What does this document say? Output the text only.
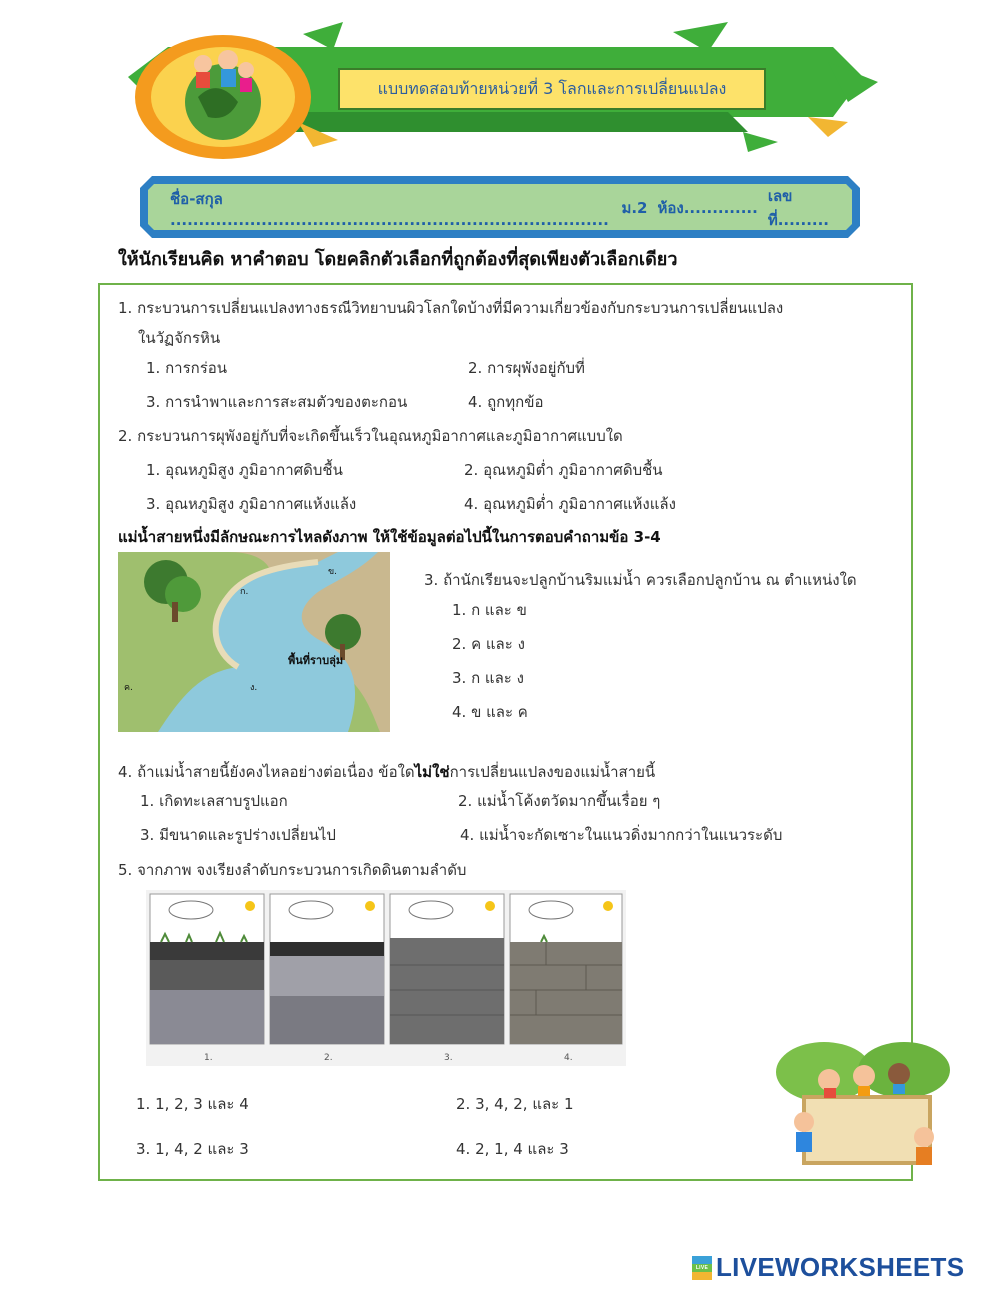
แบบทดสอบท้ายหน่วยที่ 3 โลกและการเปลี่ยนแปลง
ชื่อ-สกุล .............................................................................
ม.2 ห้อง.............
เลขที่.........
ให้นักเรียนคิด หาคำตอบ โดยคลิกตัวเลือกที่ถูกต้องที่สุดเพียงตัวเลือกเดียว
1. กระบวนการเปลี่ยนแปลงทางธรณีวิทยาบนผิวโลกใดบ้างที่มีความเกี่ยวข้องกับกระบวนการเปลี่ยนแปลง
ในวัฏจักรหิน
1. การกร่อน	2. การผุพังอยู่กับที่
3. การนำพาและการสะสมตัวของตะกอน	4. ถูกทุกข้อ
2. กระบวนการผุพังอยู่กับที่จะเกิดขึ้นเร็วในอุณหภูมิอากาศและภูมิอากาศแบบใด
1. อุณหภูมิสูง ภูมิอากาศดิบชื้น	2. อุณหภูมิต่ำ ภูมิอากาศดิบชื้น
3. อุณหภูมิสูง ภูมิอากาศแห้งแล้ง	4. อุณหภูมิต่ำ ภูมิอากาศแห้งแล้ง
แม่น้ำสายหนึ่งมีลักษณะการไหลดังภาพ ให้ใช้ข้อมูลต่อไปนี้ในการตอบคำถามข้อ 3-4
ก.
ข.
ค.	ง.
พื้นที่ราบลุ่ม
3. ถ้านักเรียนจะปลูกบ้านริมแม่น้ำ ควรเลือกปลูกบ้าน ณ ตำแหน่งใด
1. ก และ ข
2. ค และ ง
3. ก และ ง
4. ข และ ค
4. ถ้าแม่น้ำสายนี้ยังคงไหลอย่างต่อเนื่อง ข้อใดไม่ใช่การเปลี่ยนแปลงของแม่น้ำสายนี้
1. เกิดทะเลสาบรูปแอก	2. แม่น้ำโค้งตวัดมากขึ้นเรื่อย ๆ
3. มีขนาดและรูปร่างเปลี่ยนไป	4. แม่น้ำจะกัดเซาะในแนวดิ่งมากกว่าในแนวระดับ
5. จากภาพ จงเรียงลำดับกระบวนการเกิดดินตามลำดับ
1.	2.	3.	4.
1. 1, 2, 3 และ 4	2. 3, 4, 2, และ 1
3. 1, 4, 2 และ 3	4. 2, 1, 4 และ 3
LIVE LIVEWORKSHEETS
